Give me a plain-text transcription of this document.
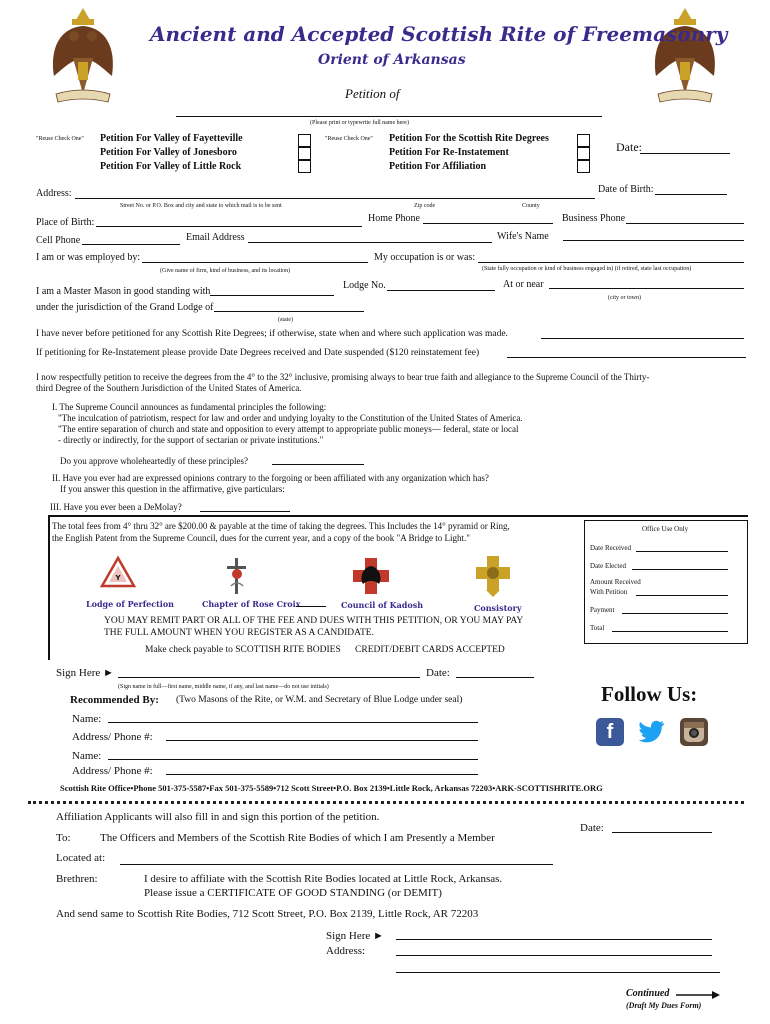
Ancient and Accepted Scottish Rite of Freemasonry
Orient of Arkansas
Petition of
(Please print or typewrite full name here)
"Reuse Check One" Petition For Valley of Fayetteville
Petition For Valley of Jonesboro
Petition For Valley of Little Rock
"Reuse Check One" Petition For the Scottish Rite Degrees
Petition For Re-Instatement
Petition For Affiliation
Date:
Address:	Date of Birth:
Street No. or P.O. Box and city and state to which mail is to be sent	Zip code	County
Place of Birth:	Home Phone	Business Phone
Cell Phone	Email Address	Wife's Name
I am or was employed by:	My occupation is or was:
(Give name of firm, kind of business, and its location)	(State fully occupation or kind of business engaged in) (if retired, state last occupation)
I am a Master Mason in good standing with
Lodge No.	At or near
(city or town)
under the jurisdiction of the Grand Lodge of
(state)
I have never before petitioned for any Scottish Rite Degrees; if otherwise, state when and where such application was made.
If petitioning for Re-Instatement please provide Date Degrees received and Date suspended ($120 reinstatement fee)
I now respectfully petition to receive the degrees from the 4° to the 32° inclusive, promising always to bear true faith and allegiance to the Supreme Council of the Thirty-
third Degree of the Southern Jurisdiction of the United States of America.
I. The Supreme Council announces as fundamental principles the following:
"The inculcation of patriotism, respect for law and order and undying loyalty to the Constitution of the United States of America.
"The entire separation of church and state and opposition to every attempt to appropriate public moneys— federal, state or local
- directly or indirectly, for the support of sectarian or private institutions."
Do you approve wholeheartedly of these principles?
II. Have you ever had are expressed opinions contrary to the forgoing or been affiliated with any organization which has?
If you answer this question in the affirmative, give particulars:
III. Have you ever been a DeMolay?
The total fees from 4° thru 32° are $200.00 & payable at the time of taking the degrees. This Includes the 14° pyramid or Ring,
the English Patent from the Supreme Council, dues for the current year, and a copy of the book "A Bridge to Light."
Office Use Only
Date Received
Date Elected
Amount Received
With Petition
Payment
Total
Y
Lodge of Perfection	Chapter of Rose Croix	Council of Kadosh	Consistory
YOU MAY REMIT PART OR ALL OF THE FEE AND DUES WITH THIS PETITION, OR YOU MAY PAY
THE FULL AMOUNT WHEN YOU REGISTER AS A CANDIDATE.
Make check payable to SCOTTISH RITE BODIES      CREDIT/DEBIT CARDS ACCEPTED
Sign Here ►	Date:
(Sign name in full—first name, middle name, if any, and last name—do not use initials)
Recommended By: (Two Masons of the Rite, or W.M. and Secretary of Blue Lodge under seal)
Name:
Address/ Phone #:
Name:
Address/ Phone #:
Follow Us:
f
Scottish Rite Office•Phone 501-375-5587•Fax 501-375-5589•712 Scott Street•P.O. Box 2139•Little Rock, Arkansas 72203•ARK-SCOTTISHRITE.ORG
Affiliation Applicants will also fill in and sign this portion of the petition.
Date:
To:	The Officers and Members of the Scottish Rite Bodies of which I am Presently a Member
Located at:
Brethren:	I desire to affiliate with the Scottish Rite Bodies located at Little Rock, Arkansas.
Please issue a CERTIFICATE OF GOOD STANDING (or DEMIT)
And send same to Scottish Rite Bodies, 712 Scott Street, P.O. Box 2139, Little Rock, AR 72203
Sign Here ►
Address:
Continued
(Draft My Dues Form)
